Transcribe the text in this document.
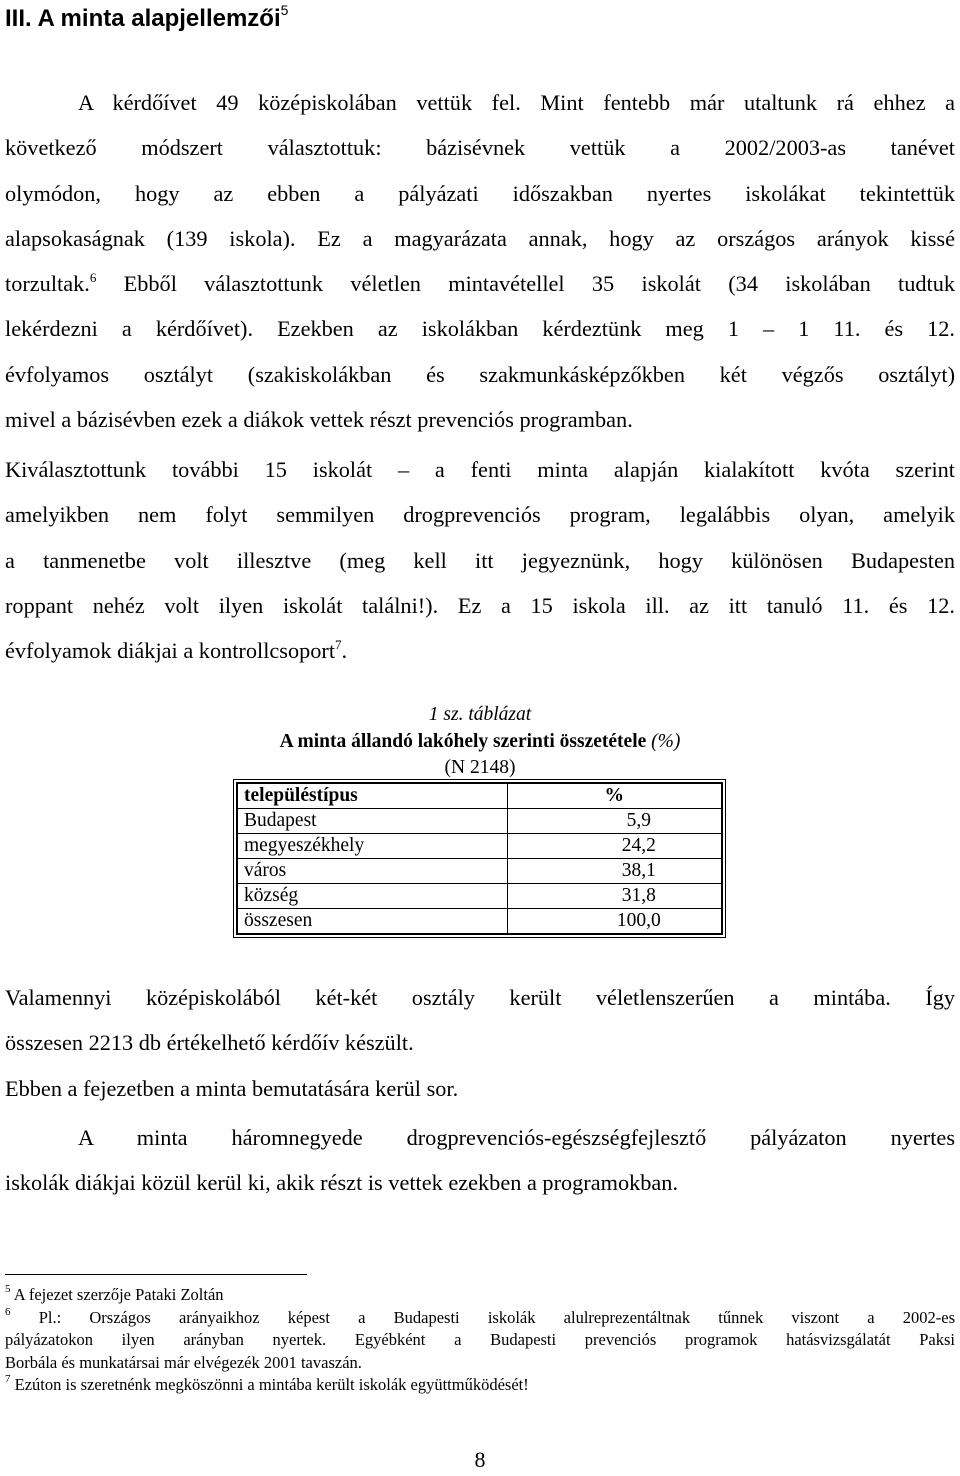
III. A minta alapjellemzői$^5$
A kérdőívet 49 középiskolában vettük fel. Mint fentebb már utaltunk rá ehhez a
következő módszert választottuk: bázisévnek vettük a 2002/2003-as tanévet
olymódon, hogy az ebben a pályázati időszakban nyertes iskolákat tekintettük
alapsokaságnak (139 iskola). Ez a magyarázata annak, hogy az országos arányok kissé
torzultak.$^6$ Ebből választottunk véletlen mintavétellel 35 iskolát (34 iskolában tudtuk
lekérdezni a kérdőívet). Ezekben az iskolákban kérdeztünk meg 1 – 1 11. és 12.
évfolyamos osztályt (szakiskolákban és szakmunkásképzőkben két végzős osztályt)
mivel a bázisévben ezek a diákok vettek részt prevenciós programban.
Kiválasztottunk további 15 iskolát – a fenti minta alapján kialakított kvóta szerint
amelyikben nem folyt semmilyen drogprevenciós program, legalábbis olyan, amelyik
a tanmenetbe volt illesztve (meg kell itt jegyeznünk, hogy különösen Budapesten
roppant nehéz volt ilyen iskolát találni!). Ez a 15 iskola ill. az itt tanuló 11. és 12.
évfolyamok diákjai a kontrollcsoport$^7$.
1 sz. táblázat
A minta állandó lakóhely szerinti összetétele (%)
(N 2148)
településtípus	%
Budapest	5,9
megyeszékhely	24,2
város	38,1
község	31,8
összesen	100,0
Valamennyi középiskolából két-két osztály került véletlenszerűen a mintába. Így
összesen 2213 db értékelhető kérdőív készült.
Ebben a fejezetben a minta bemutatására kerül sor.
A minta háromnegyede drogprevenciós-egészségfejlesztő pályázaton nyertes
iskolák diákjai közül kerül ki, akik részt is vettek ezekben a programokban.
$^5$ A fejezet szerzője Pataki Zoltán
$^6$ Pl.: Országos arányaikhoz képest a Budapesti iskolák alulreprezentáltnak tűnnek viszont a 2002-es
pályázatokon ilyen arányban nyertek. Egyébként a Budapesti prevenciós programok hatásvizsgálatát Paksi
Borbála és munkatársai már elvégezék 2001 tavaszán.
$^7$ Ezúton is szeretnénk megköszönni a mintába került iskolák együttműködését!
8
